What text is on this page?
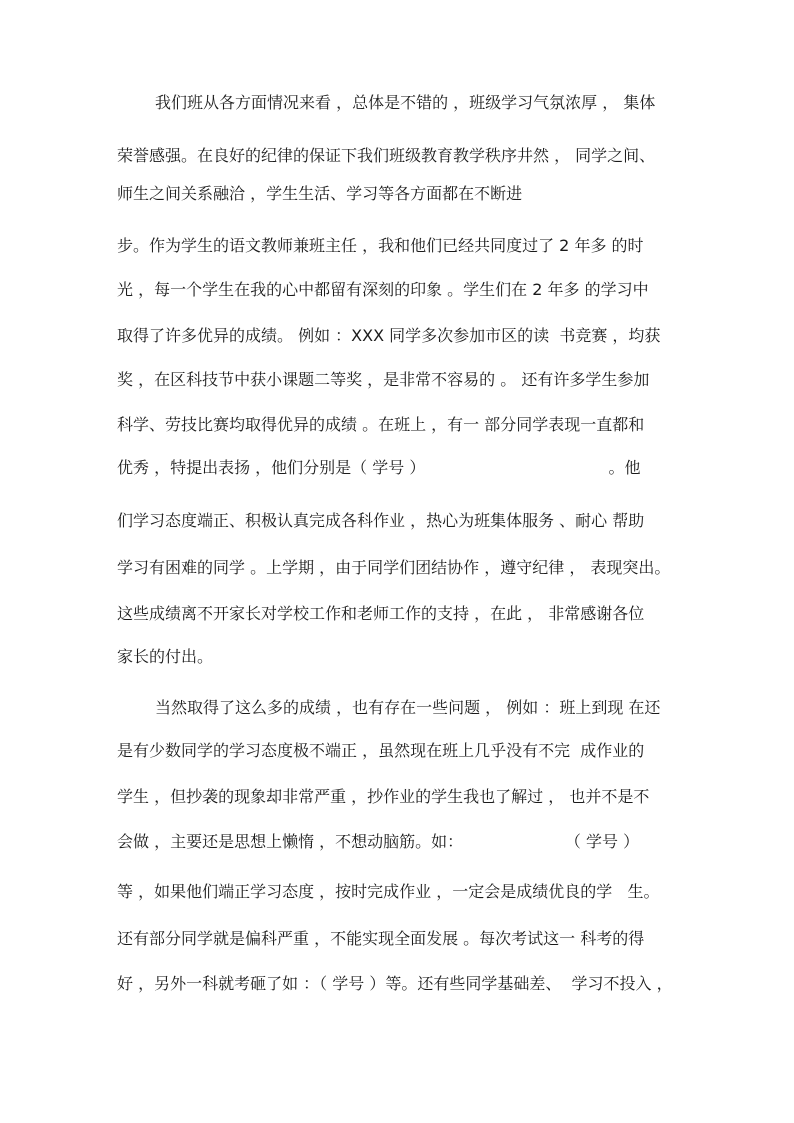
我们班从各方面情况来看 ，总体是不错的 ，班级学习气氛浓厚 ， 集体
荣誉感强。在良好的纪律的保证下我们班级教育教学秩序井然 ， 同学之间、
师生之间关系融洽 ，学生生活、学习等各方面都在不断进
步。作为学生的语文教师兼班主任 ，我和他们已经共同度过了 2 年多 的时
光 ，每一个学生在我的心中都留有深刻的印象 。学生们在 2 年多 的学习中
取得了许多优异的成绩。 例如 ：XXX 同学多次参加市区的读  书竞赛 ，均获
奖 ，在区科技节中获小课题二等奖 ，是非常不容易的 。 还有许多学生参加
科学、劳技比赛均取得优异的成绩 。在班上 ，有一 部分同学表现一直都和
优秀 ，特提出表扬 ，他们分别是（ 学号 ）                                    。他
们学习态度端正、积极认真完成各科作业 ，热心为班集体服务 、耐心 帮助
学习有困难的同学 。上学期 ，由于同学们团结协作 ，遵守纪律 ， 表现突出。
这些成绩离不开家长对学校工作和老师工作的支持 ，在此 ， 非常感谢各位
家长的付出。
当然取得了这么多的成绩 ，也有存在一些问题 ， 例如 ：班上到现 在还
是有少数同学的学习态度极不端正 ，虽然现在班上几乎没有不完  成作业的
学生 ，但抄袭的现象却非常严重 ，抄作业的学生我也了解过 ， 也并不是不
会做 ，主要还是思想上懒惰 ，不想动脑筋。如：                    （ 学号 ）
等 ，如果他们端正学习态度 ，按时完成作业 ，一定会是成绩优良的学   生。
还有部分同学就是偏科严重 ，不能实现全面发展 。每次考试这一 科考的得
好 ，另外一科就考砸了如 ：（ 学号 ）等。还有些同学基础差、  学习不投入 ，
